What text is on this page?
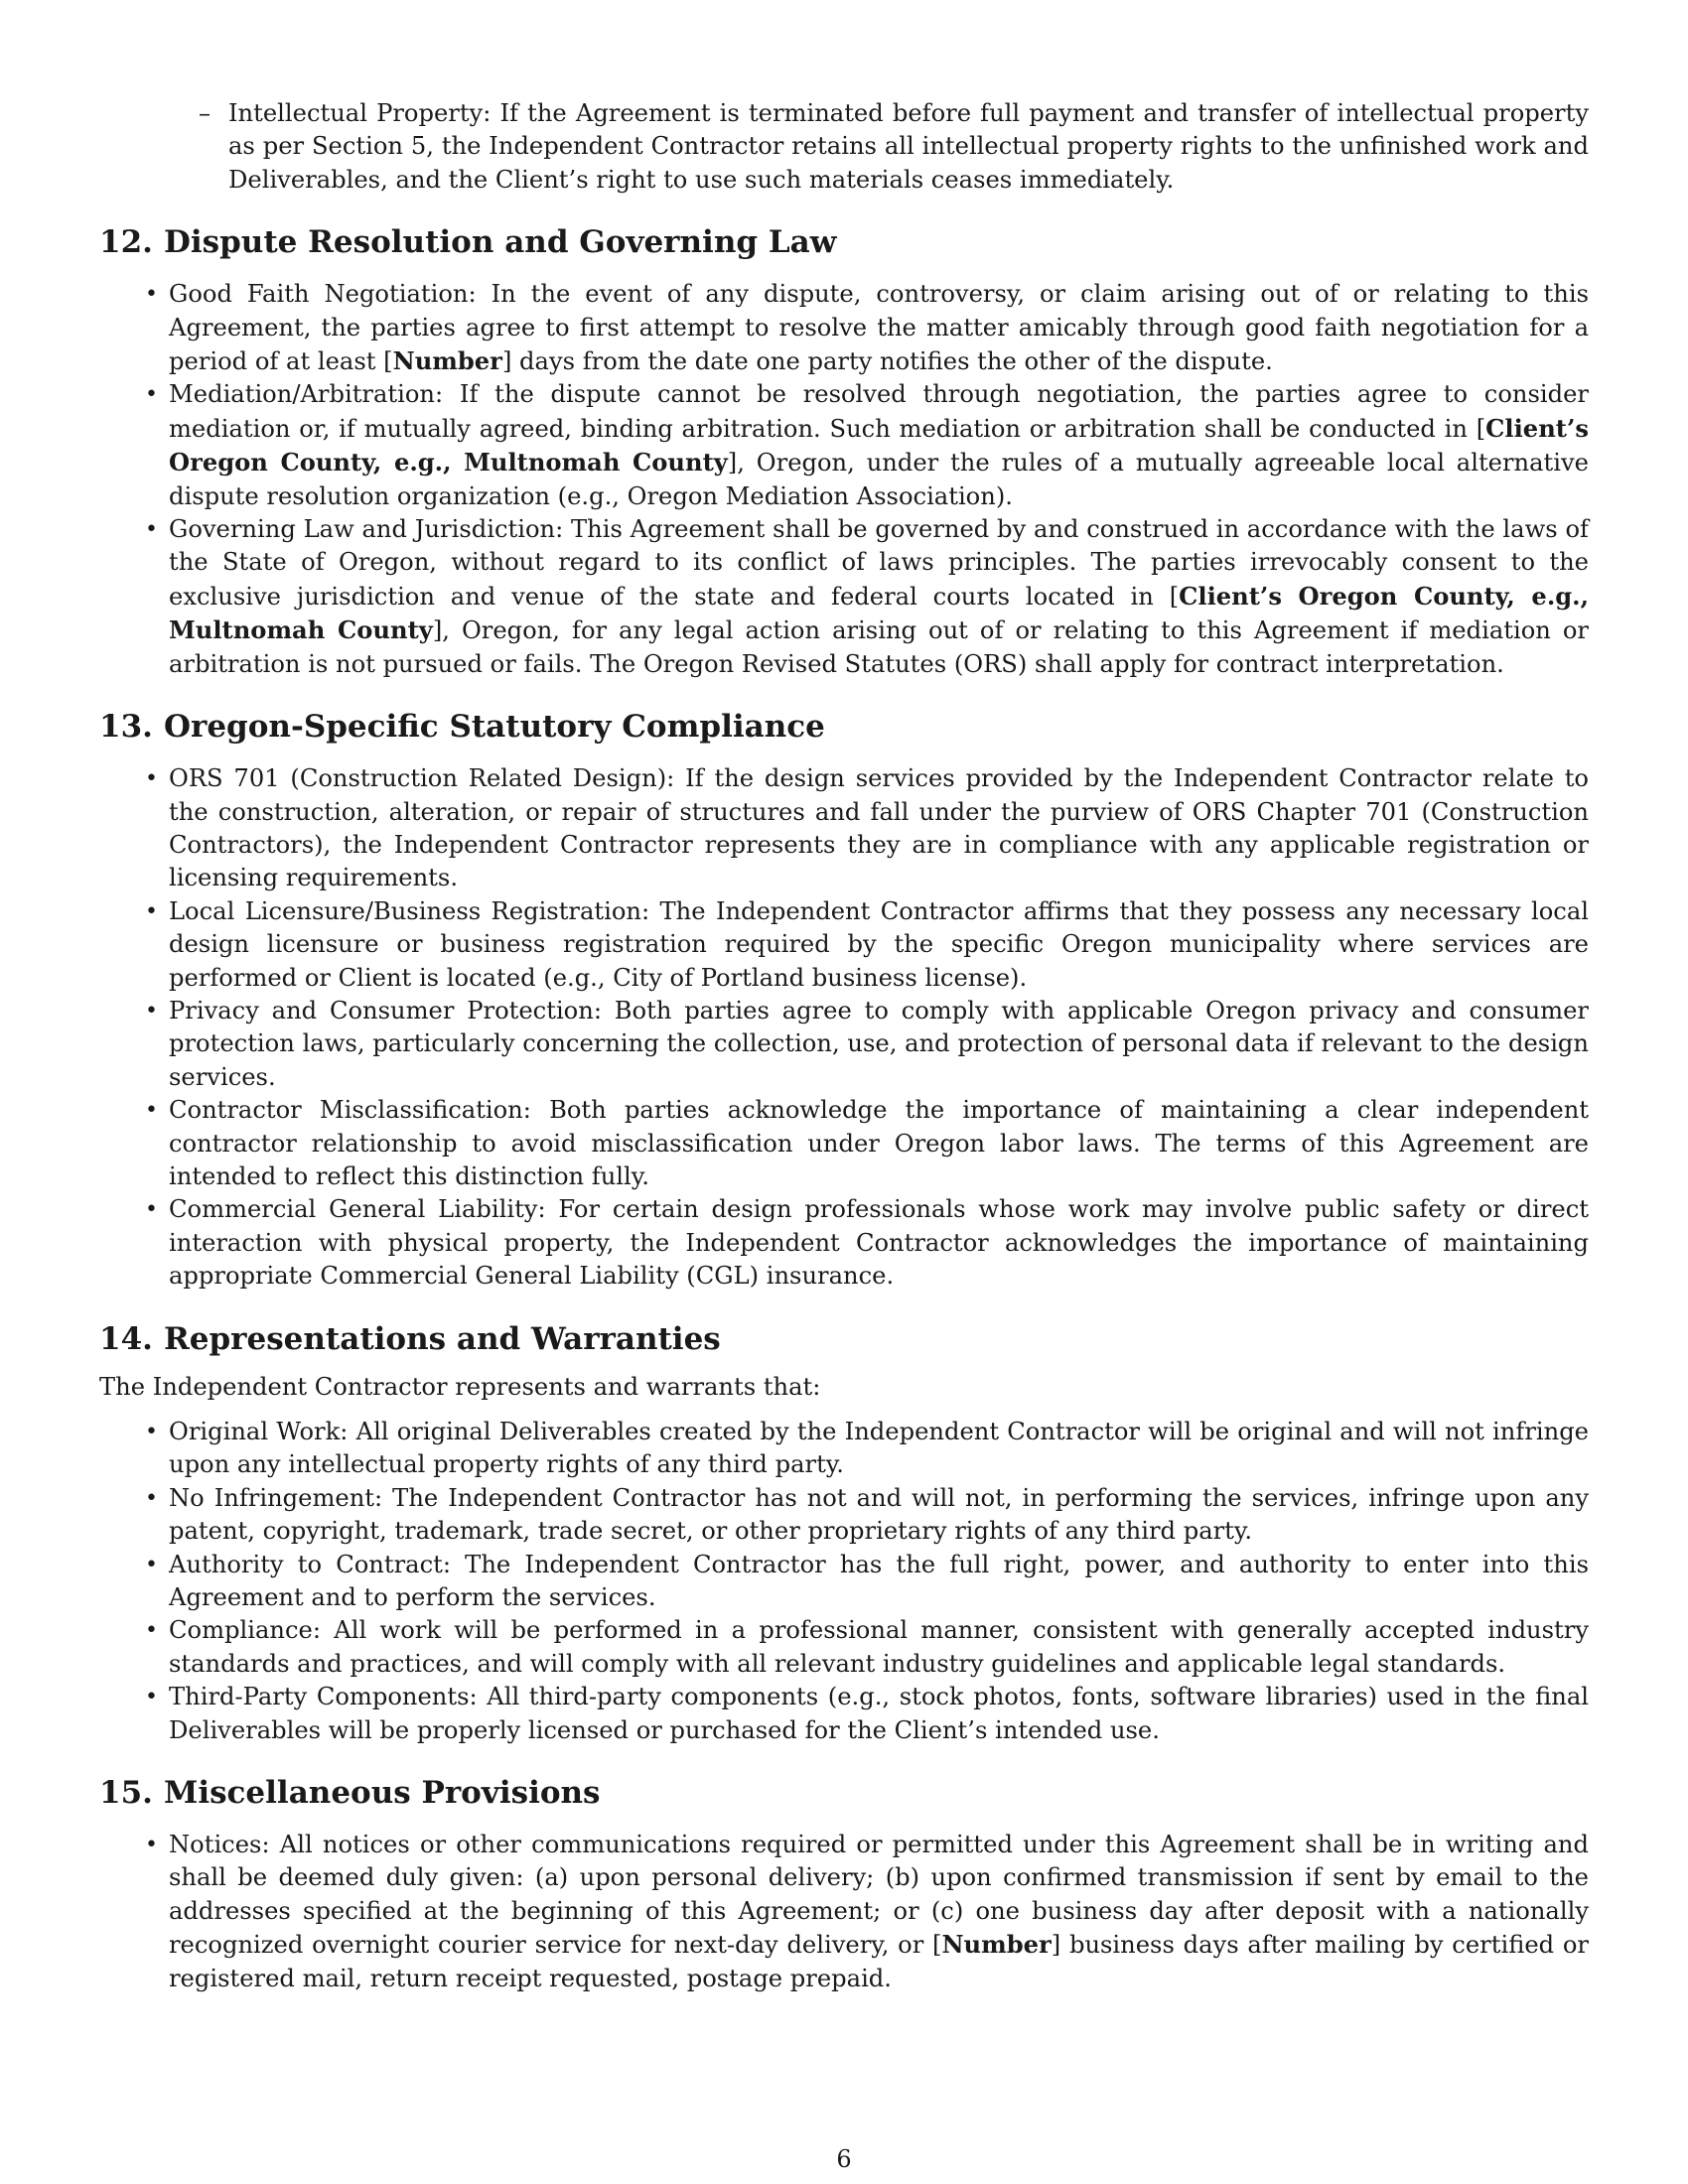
– Intellectual Property: If the Agreement is terminated before full payment and transfer of intellectual property as per Section 5, the Independent Contractor retains all intellectual property rights to the unfinished work and Deliverables, and the Client’s right to use such materials ceases immediately.
12. Dispute Resolution and Governing Law
• Good Faith Negotiation: In the event of any dispute, controversy, or claim arising out of or relating to this Agreement, the parties agree to first attempt to resolve the matter amicably through good faith negotiation for a period of at least [Number] days from the date one party notifies the other of the dispute.
• Mediation/Arbitration: If the dispute cannot be resolved through negotiation, the parties agree to consider mediation or, if mutually agreed, binding arbitration. Such mediation or arbitration shall be conducted in [Client’s Oregon County, e.g., Multnomah County], Oregon, under the rules of a mutually agreeable local alternative dispute resolution organization (e.g., Oregon Mediation Association).
• Governing Law and Jurisdiction: This Agreement shall be governed by and construed in accordance with the laws of the State of Oregon, without regard to its conflict of laws principles. The parties irrevocably consent to the exclusive jurisdiction and venue of the state and federal courts located in [Client’s Oregon County, e.g., Multnomah County], Oregon, for any legal action arising out of or relating to this Agreement if mediation or arbitration is not pursued or fails. The Oregon Revised Statutes (ORS) shall apply for contract interpretation.
13. Oregon-Specific Statutory Compliance
• ORS 701 (Construction Related Design): If the design services provided by the Independent Contractor relate to the construction, alteration, or repair of structures and fall under the purview of ORS Chapter 701 (Construction Contractors), the Independent Contractor represents they are in compliance with any applicable registration or licensing requirements.
• Local Licensure/Business Registration: The Independent Contractor affirms that they possess any necessary local design licensure or business registration required by the specific Oregon municipality where services are performed or Client is located (e.g., City of Portland business license).
• Privacy and Consumer Protection: Both parties agree to comply with applicable Oregon privacy and consumer protection laws, particularly concerning the collection, use, and protection of personal data if relevant to the design services.
• Contractor Misclassification: Both parties acknowledge the importance of maintaining a clear independent contractor relationship to avoid misclassification under Oregon labor laws. The terms of this Agreement are intended to reflect this distinction fully.
• Commercial General Liability: For certain design professionals whose work may involve public safety or direct interaction with physical property, the Independent Contractor acknowledges the importance of maintaining appropriate Commercial General Liability (CGL) insurance.
14. Representations and Warranties

The Independent Contractor represents and warrants that:

• Original Work: All original Deliverables created by the Independent Contractor will be original and will not infringe upon any intellectual property rights of any third party.
• No Infringement: The Independent Contractor has not and will not, in performing the services, infringe upon any patent, copyright, trademark, trade secret, or other proprietary rights of any third party.
• Authority to Contract: The Independent Contractor has the full right, power, and authority to enter into this Agreement and to perform the services.
• Compliance: All work will be performed in a professional manner, consistent with generally accepted industry standards and practices, and will comply with all relevant industry guidelines and applicable legal standards.
• Third-Party Components: All third-party components (e.g., stock photos, fonts, software libraries) used in the final Deliverables will be properly licensed or purchased for the Client’s intended use.
15. Miscellaneous Provisions
• Notices: All notices or other communications required or permitted under this Agreement shall be in writing and shall be deemed duly given: (a) upon personal delivery; (b) upon confirmed transmission if sent by email to the addresses specified at the beginning of this Agreement; or (c) one business day after deposit with a nationally recognized overnight courier service for next-day delivery, or [Number] business days after mailing by certified or registered mail, return receipt requested, postage prepaid.
6
